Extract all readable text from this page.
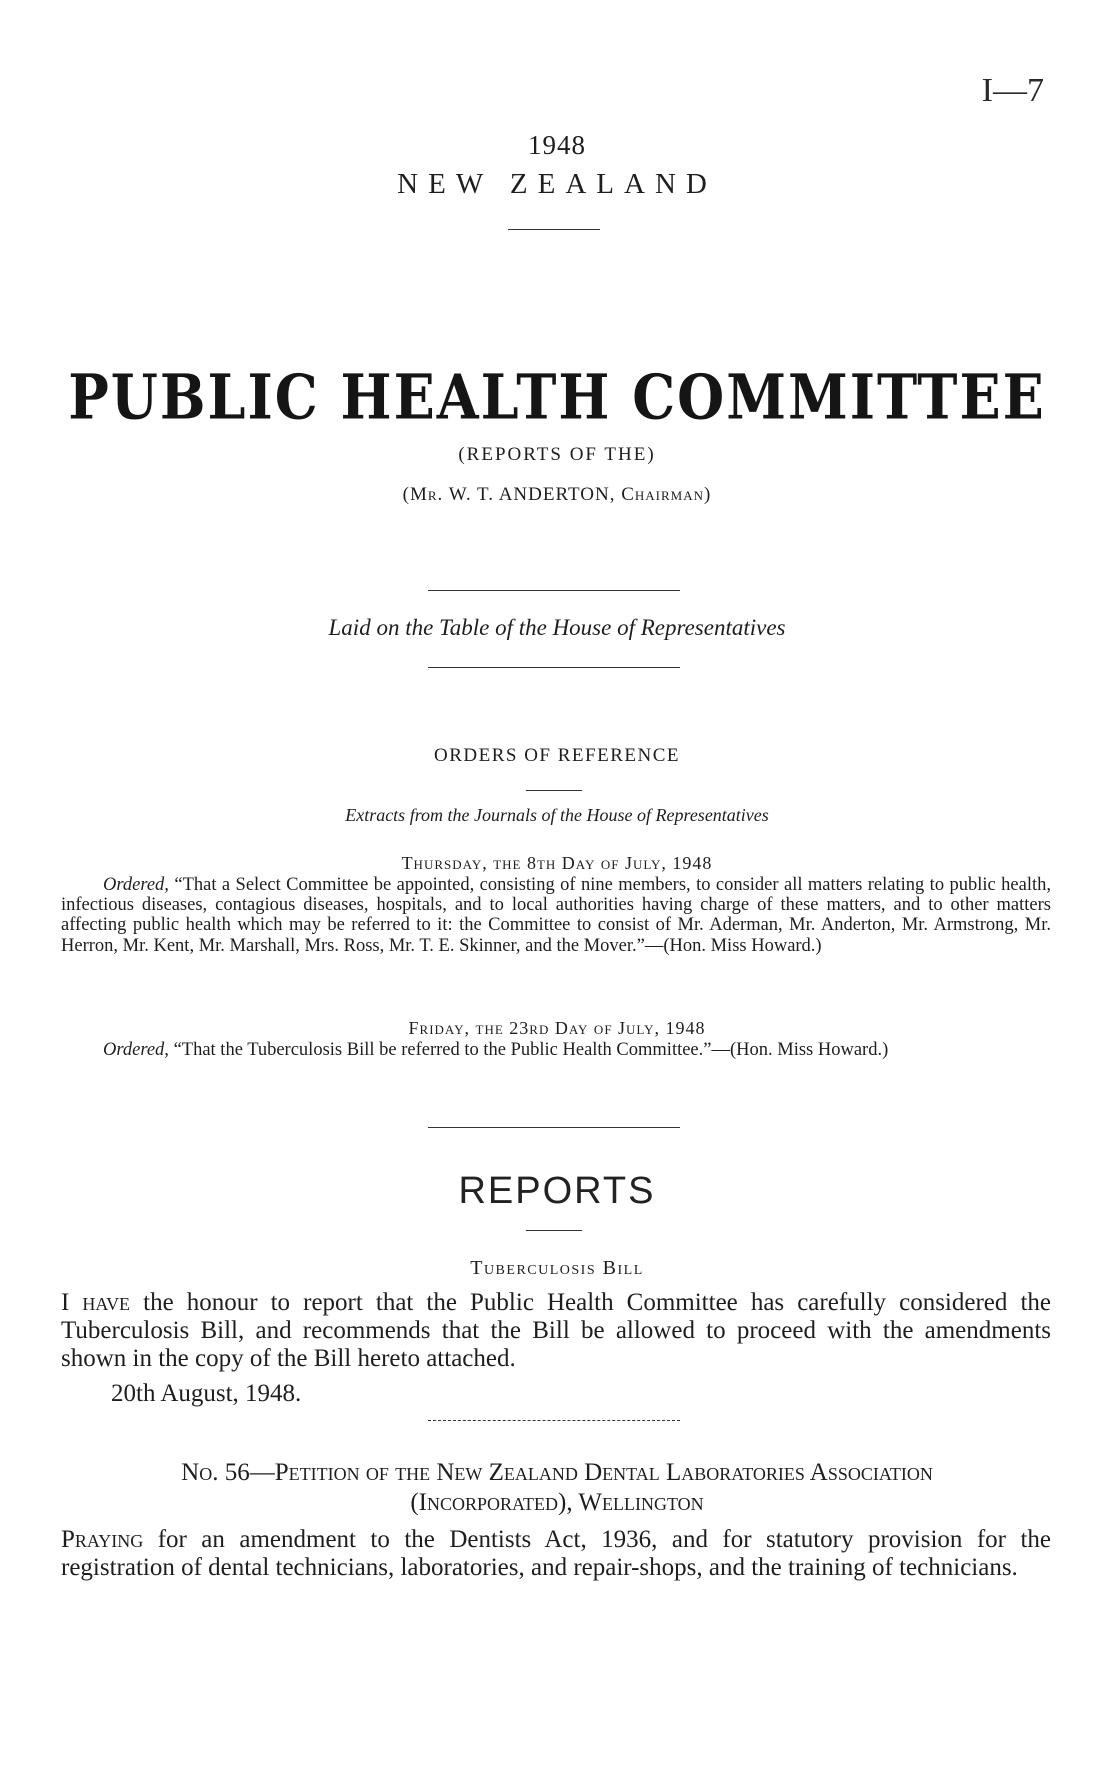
I—7

1948

NEW ZEALAND

PUBLIC HEALTH COMMITTEE

(REPORTS OF THE)

(Mr. W. T. ANDERTON, Chairman)

Laid on the Table of the House of Representatives

ORDERS OF REFERENCE

Extracts from the Journals of the House of Representatives

Thursday, the 8th Day of July, 1948

Ordered, “That a Select Committee be appointed, consisting of nine members, to consider all matters relating to public health, infectious diseases, contagious diseases, hospitals, and to local authorities having charge of these matters, and to other matters affecting public health which may be referred to it: the Committee to consist of Mr. Aderman, Mr. Anderton, Mr. Armstrong, Mr. Herron, Mr. Kent, Mr. Marshall, Mrs. Ross, Mr. T. E. Skinner, and the Mover.”—(Hon. Miss Howard.)

Friday, the 23rd Day of July, 1948

Ordered, “That the Tuberculosis Bill be referred to the Public Health Committee.”—(Hon. Miss Howard.)

REPORTS

Tuberculosis Bill

I have the honour to report that the Public Health Committee has carefully considered the Tuberculosis Bill, and recommends that the Bill be allowed to proceed with the amendments shown in the copy of the Bill hereto attached.

20th August, 1948.

No. 56—Petition of the New Zealand Dental Laboratories Association
(Incorporated), Wellington

Praying for an amendment to the Dentists Act, 1936, and for statutory provision for the registration of dental technicians, laboratories, and repair-shops, and the training of technicians.
